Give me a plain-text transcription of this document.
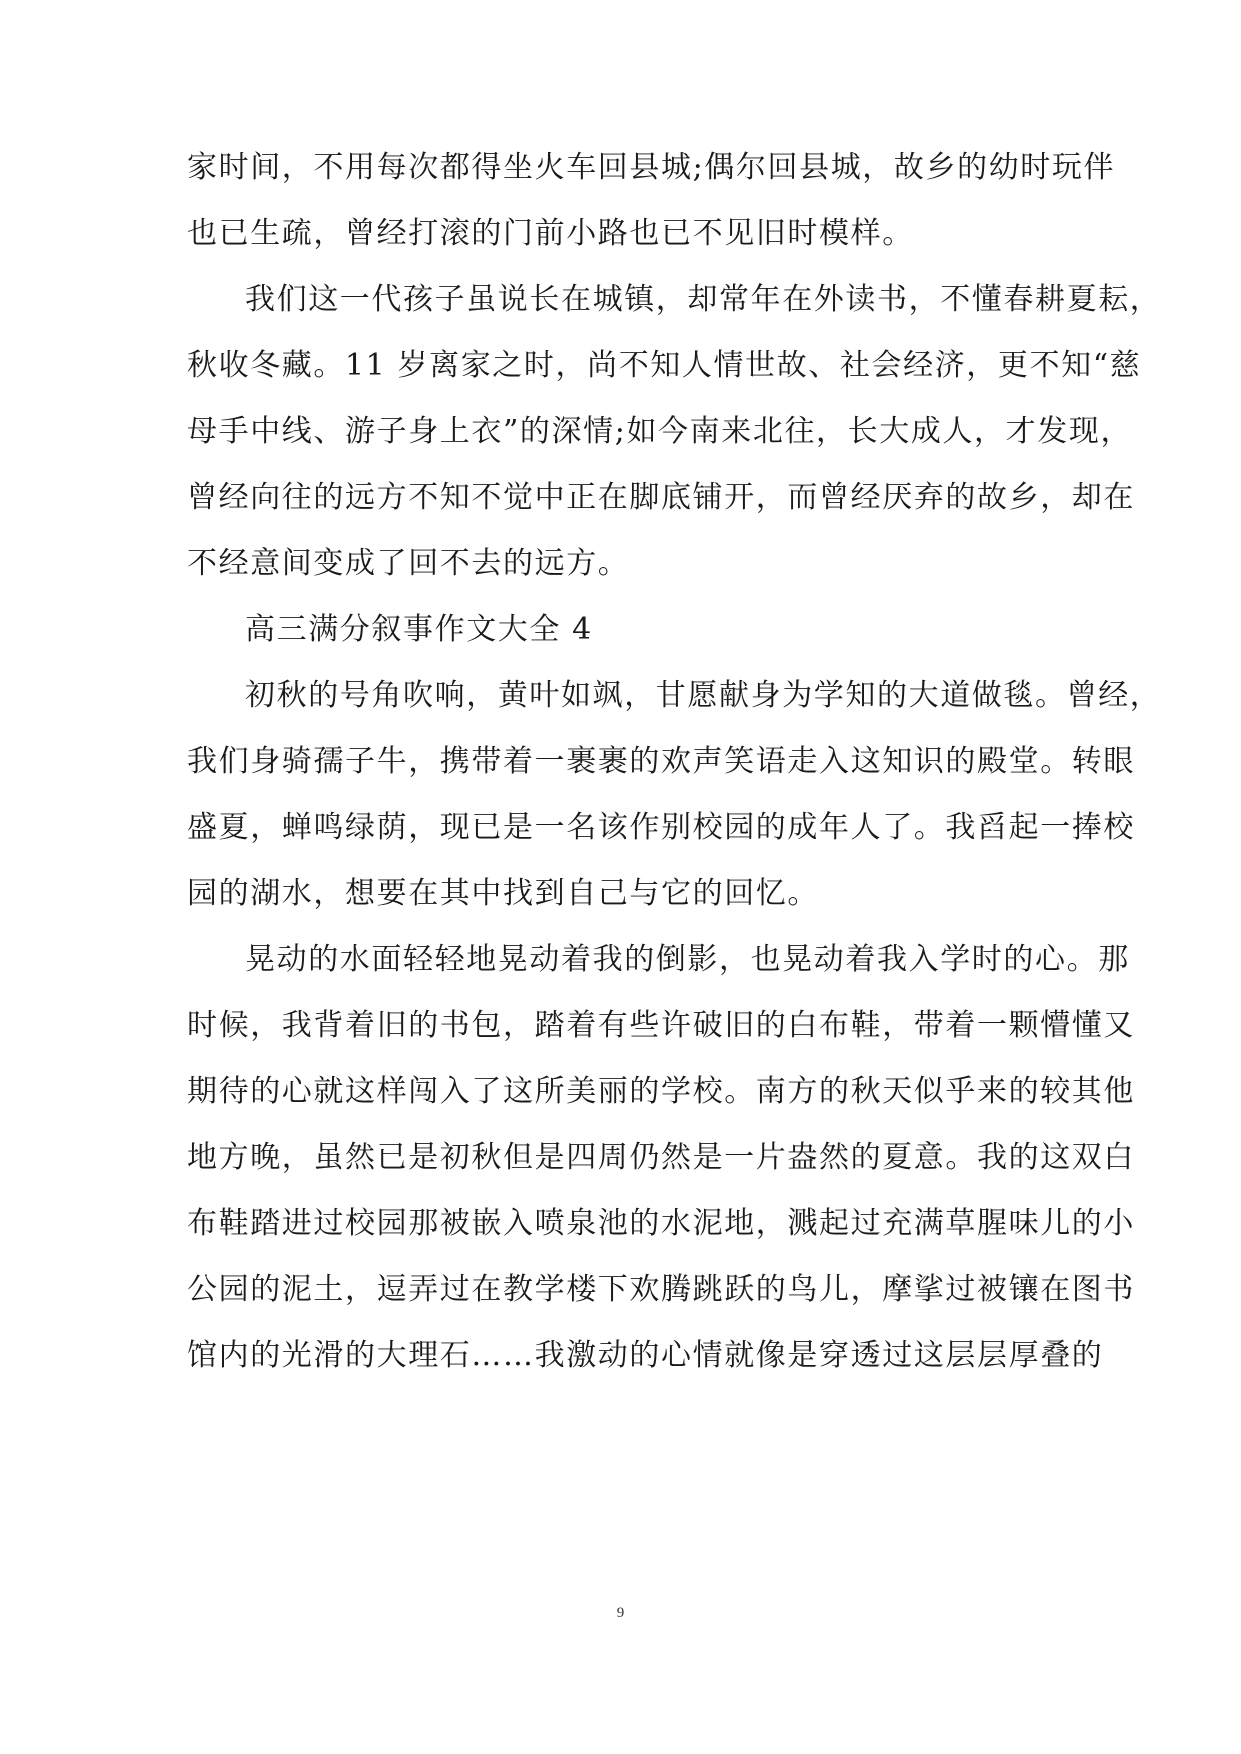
家时间，不用每次都得坐火车回县城;偶尔回县城，故乡的幼时玩伴
也已生疏，曾经打滚的门前小路也已不见旧时模样。
我们这一代孩子虽说长在城镇，却常年在外读书，不懂春耕夏耘，
秋收冬藏。11 岁离家之时，尚不知人情世故、社会经济，更不知“慈
母手中线、游子身上衣”的深情;如今南来北往，长大成人，才发现，
曾经向往的远方不知不觉中正在脚底铺开，而曾经厌弃的故乡，却在
不经意间变成了回不去的远方。
高三满分叙事作文大全 4
初秋的号角吹响，黄叶如飒，甘愿献身为学知的大道做毯。曾经，
我们身骑孺子牛，携带着一裹裹的欢声笑语走入这知识的殿堂。转眼
盛夏，蝉鸣绿荫，现已是一名该作别校园的成年人了。我舀起一捧校
园的湖水，想要在其中找到自己与它的回忆。
晃动的水面轻轻地晃动着我的倒影，也晃动着我入学时的心。那
时候，我背着旧的书包，踏着有些许破旧的白布鞋，带着一颗懵懂又
期待的心就这样闯入了这所美丽的学校。南方的秋天似乎来的较其他
地方晚，虽然已是初秋但是四周仍然是一片盎然的夏意。我的这双白
布鞋踏进过校园那被嵌入喷泉池的水泥地，溅起过充满草腥味儿的小
公园的泥土，逗弄过在教学楼下欢腾跳跃的鸟儿，摩挲过被镶在图书
馆内的光滑的大理石……我激动的心情就像是穿透过这层层厚叠的
9
